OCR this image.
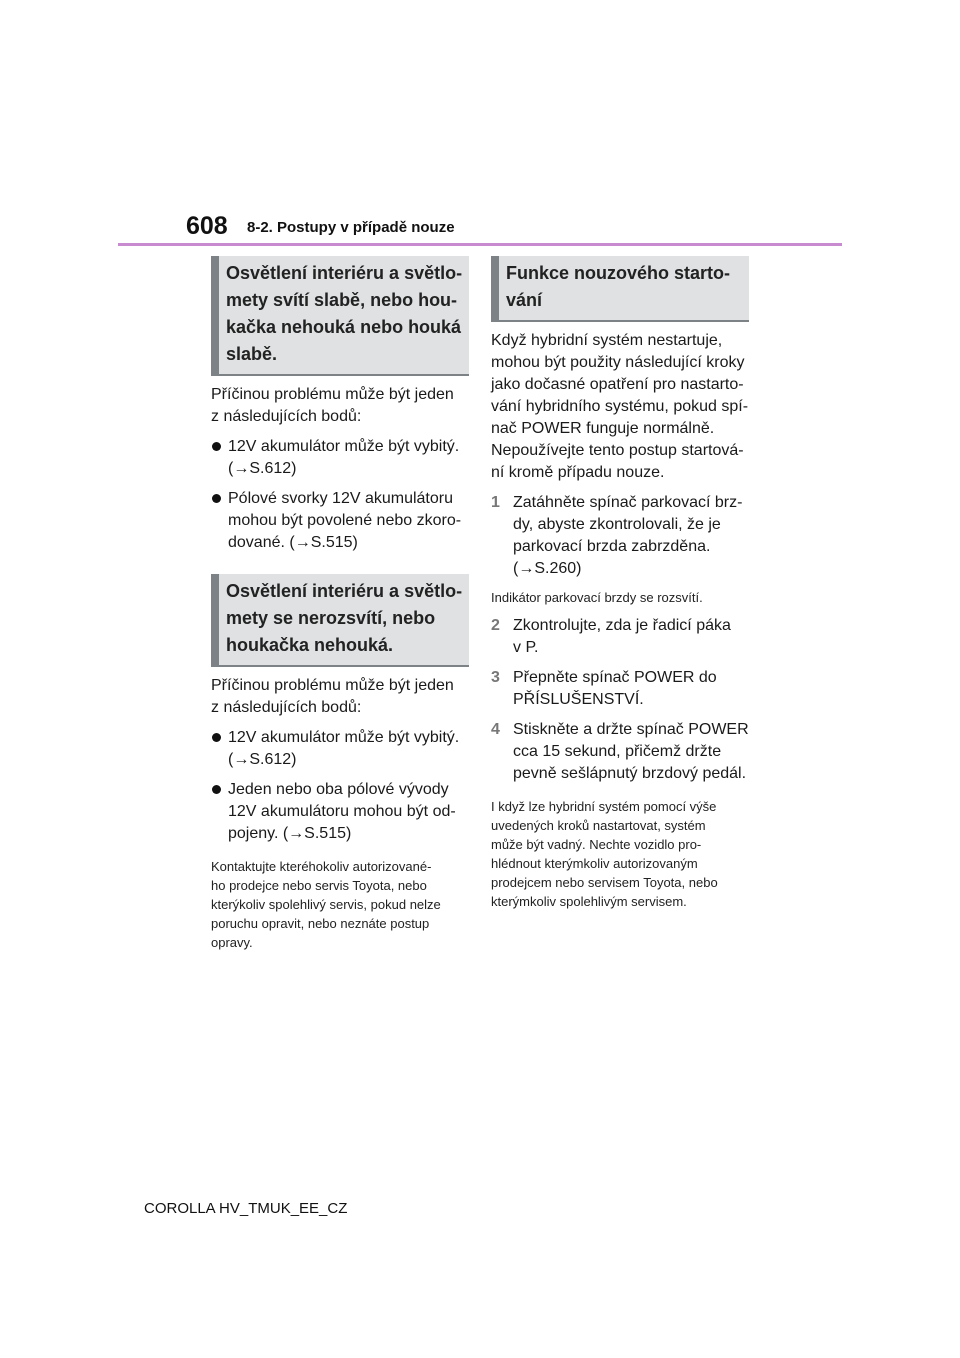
608 8-2. Postupy v případě nouze
Osvětlení interiéru a světlo-
mety svítí slabě, nebo hou-
kačka nehouká nebo houká
slabě.

Příčinou problému může být jeden
z následujících bodů:

12V akumulátor může být vybitý.
(→S.612)
Pólové svorky 12V akumulátoru
mohou být povolené nebo zkoro-
dované. (→S.515)
Osvětlení interiéru a světlo-
mety se nerozsvítí, nebo
houkačka nehouká.

Příčinou problému může být jeden
z následujících bodů:

12V akumulátor může být vybitý.
(→S.612)
Jeden nebo oba pólové vývody
12V akumulátoru mohou být od-
pojeny. (→S.515)

Kontaktujte kteréhokoliv autorizované-
ho prodejce nebo servis Toyota, nebo
kterýkoliv spolehlivý servis, pokud nelze
poruchu opravit, nebo neznáte postup
opravy.

Funkce nouzového starto-
vání

Když hybridní systém nestartuje,
mohou být použity následující kroky
jako dočasné opatření pro nastarto-
vání hybridního systému, pokud spí-
nač POWER funguje normálně.
Nepoužívejte tento postup startová-
ní kromě případu nouze.

1 Zatáhněte spínač parkovací brz-
dy, abyste zkontrolovali, že je
parkovací brzda zabrzděna.
(→S.260)

Indikátor parkovací brzdy se rozsvítí.

2 Zkontrolujte, zda je řadicí páka
v P.
3 Přepněte spínač POWER do
PŘÍSLUŠENSTVÍ.
4 Stiskněte a držte spínač POWER
cca 15 sekund, přičemž držte
pevně sešlápnutý brzdový pedál.

I když lze hybridní systém pomocí výše
uvedených kroků nastartovat, systém
může být vadný. Nechte vozidlo pro-
hlédnout kterýmkoliv autorizovaným
prodejcem nebo servisem Toyota, nebo
kterýmkoliv spolehlivým servisem.

COROLLA HV_TMUK_EE_CZ
